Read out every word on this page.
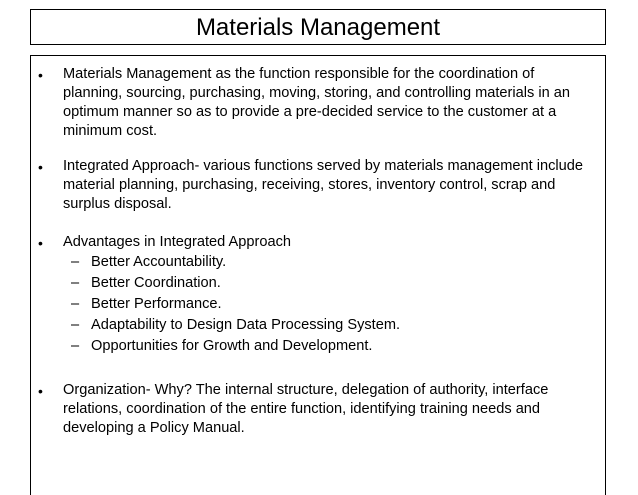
Materials Management
• Materials Management as the function responsible for the coordination of planning, sourcing, purchasing, moving, storing, and controlling materials in an optimum manner so as to provide a pre-decided service to the customer at a minimum cost.
• Integrated Approach- various functions served by materials management include material planning, purchasing, receiving, stores, inventory control, scrap and surplus disposal.
• Advantages in Integrated Approach
– Better Accountability.
– Better Coordination.
– Better Performance.
– Adaptability to Design Data Processing System.
– Opportunities for Growth and Development.
• Organization- Why? The internal structure, delegation of authority, interface relations, coordination of the entire function, identifying training needs and developing a Policy Manual.
